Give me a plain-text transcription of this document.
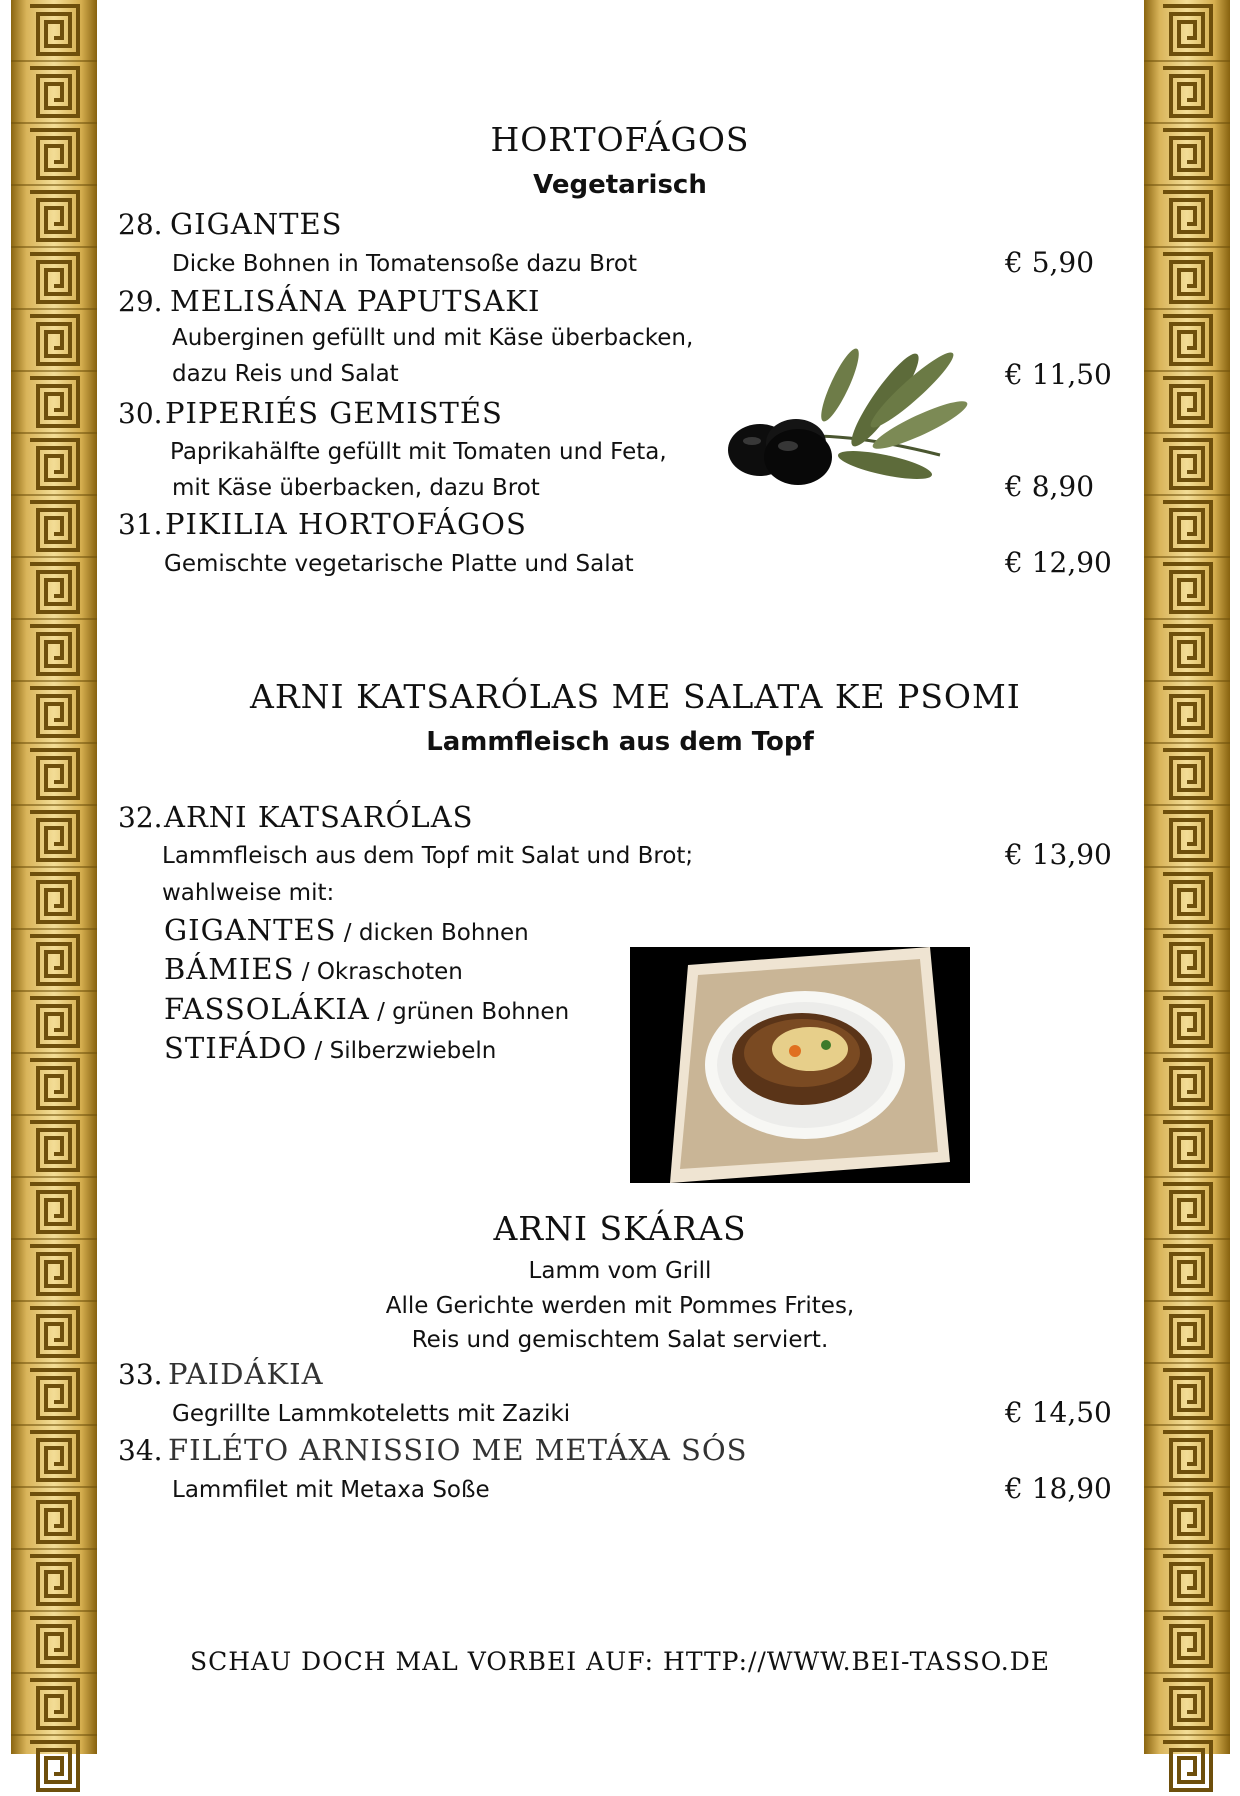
HORTOFÁGOS
Vegetarisch
28. GIGANTES
Dicke Bohnen in Tomatensoße dazu Brot	€ 5,90
29. MELISÁNA PAPUTSAKI
Auberginen gefüllt und mit Käse überbacken,
dazu Reis und Salat	€ 11,50
30. PIPERIÉS GEMISTÉS
Paprikahälfte gefüllt mit Tomaten und Feta,
mit Käse überbacken, dazu Brot	€ 8,90
31. PIKILIA HORTOFÁGOS
Gemischte vegetarische Platte und Salat	€ 12,90
ARNI KATSARÓLAS ME SALATA KE PSOMI
Lammfleisch aus dem Topf
32. ARNI KATSARÓLAS
Lammfleisch aus dem Topf mit Salat und Brot;
wahlweise mit:
€ 13,90
GIGANTES / dicken Bohnen
BÁMIES / Okraschoten
FASSOLÁKIA / grünen Bohnen
STIFÁDO / Silberzwiebeln
ARNI SKÁRAS
Lamm vom Grill
Alle Gerichte werden mit Pommes Frites,
Reis und gemischtem Salat serviert.
33. PAIDÁKIA
Gegrillte Lammkoteletts mit Zaziki	€ 14,50
34. FILÉTO ARNISSIO ME METÁXA SÓS
Lammfilet mit Metaxa Soße	€ 18,90
SCHAU DOCH MAL VORBEI AUF: HTTP://WWW.BEI-TASSO.DE
